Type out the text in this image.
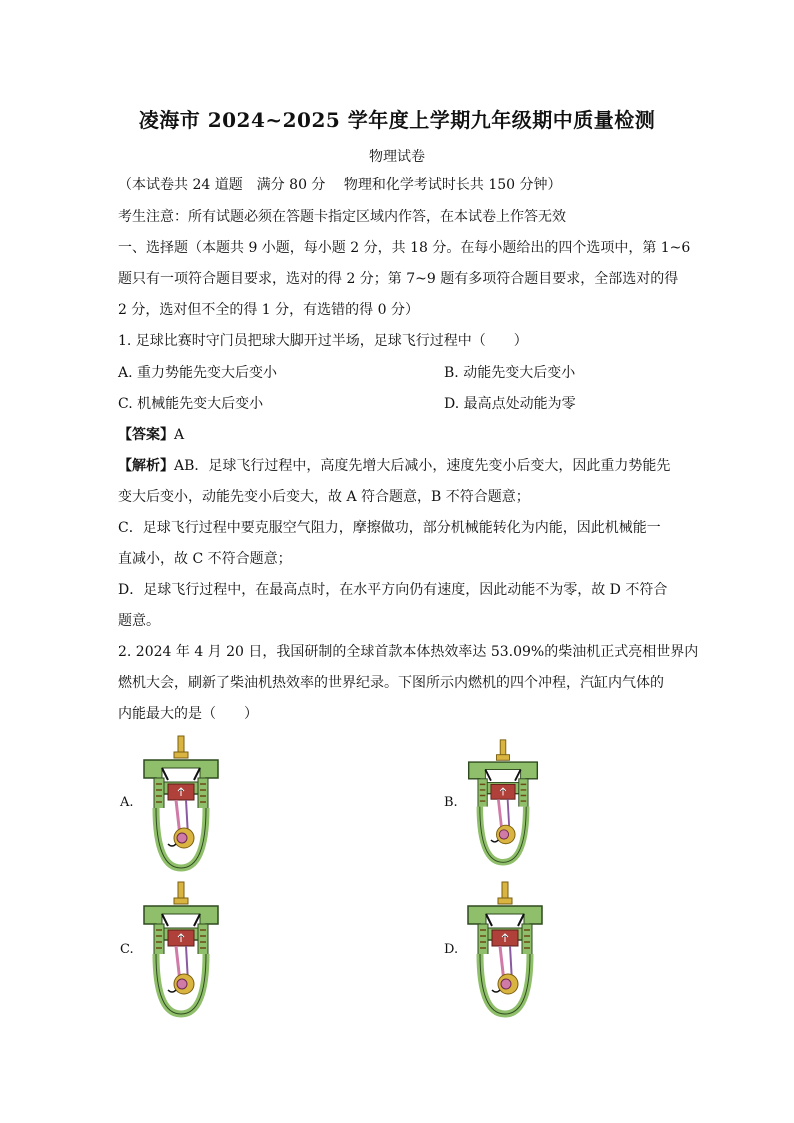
凌海市 2024~2025 学年度上学期九年级期中质量检测
物理试卷
（本试卷共 24 道题　满分 80 分　 物理和化学考试时长共 150 分钟）
考生注意：所有试题必须在答题卡指定区域内作答，在本试卷上作答无效
一、选择题（本题共 9 小题，每小题 2 分，共 18 分。在每小题给出的四个选项中，第 1~6
题只有一项符合题目要求，选对的得 2 分；第 7~9 题有多项符合题目要求，全部选对的得
2 分，选对但不全的得 1 分，有选错的得 0 分）
1. 足球比赛时守门员把球大脚开过半场，足球飞行过程中（　　）
A. 重力势能先变大后变小	B. 动能先变大后变小
C. 机械能先变大后变小	D. 最高点处动能为零
【答案】A
【解析】AB．足球飞行过程中，高度先增大后减小，速度先变小后变大，因此重力势能先
变大后变小，动能先变小后变大，故 A 符合题意，B 不符合题意；
C．足球飞行过程中要克服空气阻力，摩擦做功，部分机械能转化为内能，因此机械能一
直减小，故 C 不符合题意；
D．足球飞行过程中，在最高点时，在水平方向仍有速度，因此动能不为零，故 D 不符合
题意。
2. 2024 年 4 月 20 日，我国研制的全球首款本体热效率达 53.09%的柴油机正式亮相世界内
燃机大会，刷新了柴油机热效率的世界纪录。下图所示内燃机的四个冲程，汽缸内气体的
内能最大的是（　　）
A.	B.
C.	D.
